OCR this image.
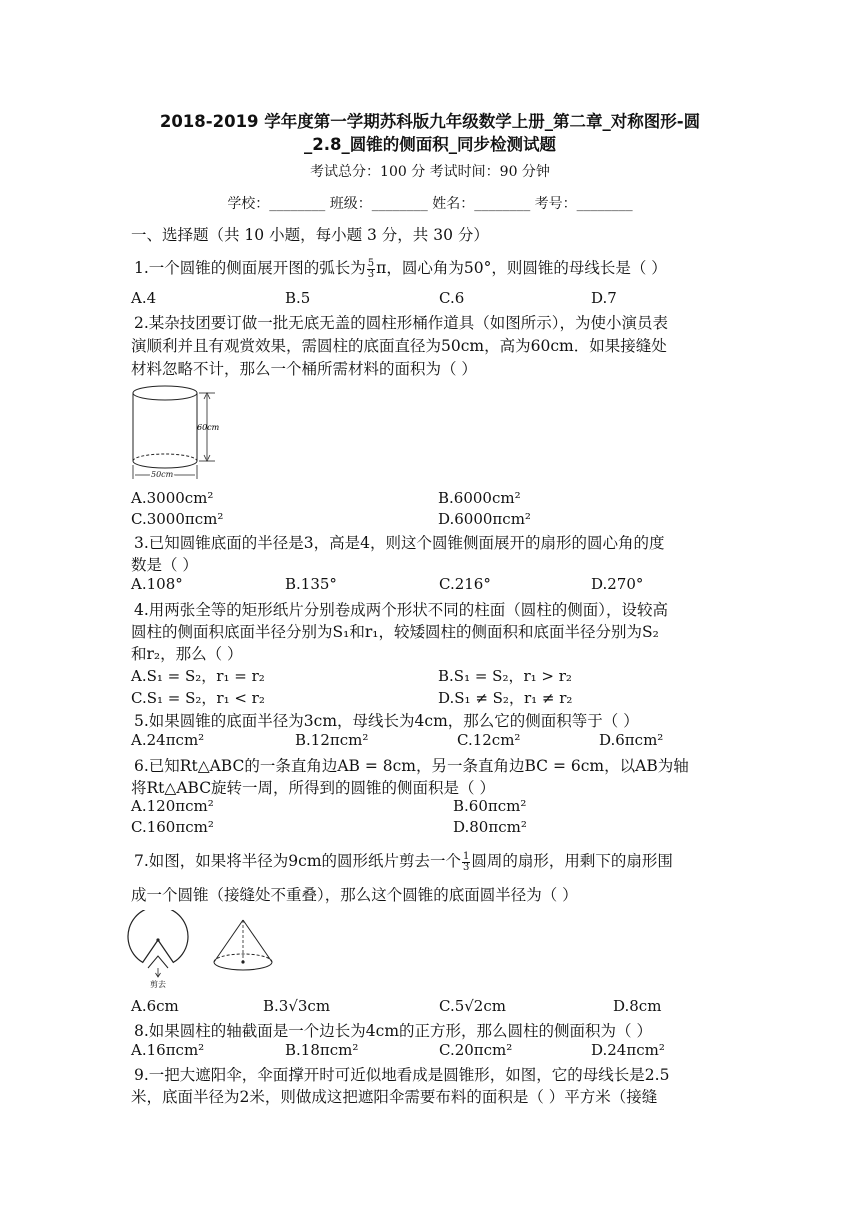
2018-2019 学年度第一学期苏科版九年级数学上册_第二章_对称图形-圆
_2.8_圆锥的侧面积_同步检测试题
考试总分：100 分 考试时间：90 分钟
学校：________ 班级：________ 姓名：________ 考号：________
一、选择题（共 10 小题，每小题 3 分，共 30 分）
1.一个圆锥的侧面展开图的弧长为 $\frac{5}{3}$ π，圆心角为50°，则圆锥的母线长是（ ）
A.4	B.5	C.6	D.7
2.某杂技团要订做一批无底无盖的圆柱形桶作道具（如图所示），为使小演员表
演顺利并且有观赏效果，需圆柱的底面直径为50cm，高为60cm．如果接缝处
材料忽略不计，那么一个桶所需材料的面积为（ ）
60cm
50cm
A.3000cm²	B.6000cm²
C.3000πcm²	D.6000πcm²
3.已知圆锥底面的半径是3，高是4，则这个圆锥侧面展开的扇形的圆心角的度
数是（ ）
A.108°	B.135°	C.216°	D.270°
4.用两张全等的矩形纸片分别卷成两个形状不同的柱面（圆柱的侧面），设较高
圆柱的侧面积底面半径分别为S₁和r₁，较矮圆柱的侧面积和底面半径分别为S₂
和r₂，那么（ ）
A.S₁ = S₂，r₁ = r₂	B.S₁ = S₂，r₁ > r₂
C.S₁ = S₂，r₁ < r₂	D.S₁ ≠ S₂，r₁ ≠ r₂
5.如果圆锥的底面半径为3cm，母线长为4cm，那么它的侧面积等于（ ）
A.24πcm²	B.12πcm²	C.12cm²	D.6πcm²
6.已知Rt△ABC的一条直角边AB = 8cm，另一条直角边BC = 6cm，以AB为轴
将Rt△ABC旋转一周，所得到的圆锥的侧面积是（ ）
A.120πcm²	B.60πcm²
C.160πcm²	D.80πcm²
7.如图，如果将半径为9cm的圆形纸片剪去一个 $\frac{1}{3}$ 圆周的扇形，用剩下的扇形围
成一个圆锥（接缝处不重叠），那么这个圆锥的底面圆半径为（ ）
剪去
A.6cm	B.3√3cm	C.5√2cm	D.8cm
8.如果圆柱的轴截面是一个边长为4cm的正方形，那么圆柱的侧面积为（ ）
A.16πcm²	B.18πcm²	C.20πcm²	D.24πcm²
9.一把大遮阳伞，伞面撑开时可近似地看成是圆锥形，如图，它的母线长是2.5
米，底面半径为2米，则做成这把遮阳伞需要布料的面积是（ ）平方米（接缝
